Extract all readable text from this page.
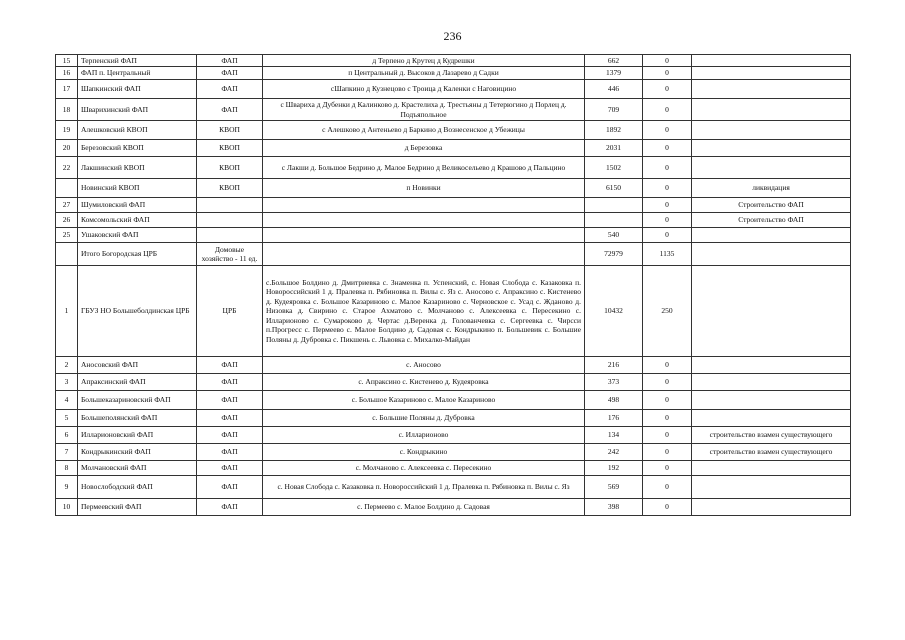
236
15	Терпенский ФАП	ФАП	д Терпено д Крутец д Кудрешки	662	0	
16	ФАП п. Центральный	ФАП	п Центральный д. Высоков д Лазарево д Садки	1379	0	
17	Шапкинский ФАП	ФАП	сШапкино д Кузнецово с Троица д Каленки с Наговицино	446	0	
18	Швариxинский ФАП	ФАП	с Шварихa д Дубенки д Калинково д. Крастелиха д. Трестьяны д Тетерюгино д Порлец д. Подъяпольное	709	0	
19	Алешковский КВОП	КВОП	с Алешково д Антеньево д Баркино д Вознесенское д Убежицы	1892	0	
20	Березовский КВОП	КВОП	д Березовка	2031	0	
22	Лакшинский КВОП	КВОП	с Лакши д. Большое Бедрино д. Малое Бедрино д Великосельево д Крашово д Пальцино	1502	0	
	Новинский КВОП	КВОП	п Новинки	6150	0	ликвидация
27	Шумиловский ФАП				0	Строительство ФАП
26	Комсомольский ФАП				0	Строительство ФАП
25	Ушаковский ФАП			540	0	
	Итого Богородская ЦРБ	Домовые хозяйство - 11 ед.		72979	1135	
1	ГБУЗ НО Большеболдинская ЦРБ	ЦРБ	с.Большое Болдино д. Дмитриевка с. Знаменка п. Успенский, с. Новая Слобода с. Казаковка п. Новороссийский 1 д. Пралевка п. Рябиновка п. Вилы с. Яз с. Аносово с. Апраксино с. Кистенево д. Кудеяровка с. Большое Казариново с. Малое Казариново с. Черновское с. Усад с. Жданово д. Низовка д. Свирино с. Старое Ахматово с. Молчаново с. Алексеевка с. Пересекино с. Илларионово с. Сумароково д. Чертас д.Веренка д. Голованчевка с. Сергеевка с. Чирсси п.Прогресс с. Пермеево с. Малое Болдино д. Садовая с. Кондрыкино п. Большевик с. Большие Поляны д. Дубровка с. Пикшень с. Львовка с. Михалко-Майдан	10432	250	
2	Аносовский ФАП	ФАП	с. Аносово	216	0	
3	Апраксинский ФАП	ФАП	с. Апраксино с. Кистенево д. Кудеяровка	373	0	
4	Большеказариновский ФАП	ФАП	с. Большое Казариново с. Малое Казариново	498	0	
5	Большеполянский ФАП	ФАП	с. Большие Поляны д. Дубровка	176	0	
6	Илларионовский ФАП	ФАП	с. Илларионово	134	0	строительство взамен существующего
7	Кондрыкинский ФАП	ФАП	с. Кондрыкино	242	0	строительство взамен существующего
8	Молчановский ФАП	ФАП	с. Молчаново с. Алексеевка с. Пересекино	192	0	
9	Новослободский ФАП	ФАП	с. Новая Слобода с. Казаковка п. Новороссийский 1 д. Пралевка п. Рябиновка п. Вилы с. Яз	569	0	
10	Пермеевский ФАП	ФАП	с. Пермеево с. Малое Болдино д. Садовая	398	0	
